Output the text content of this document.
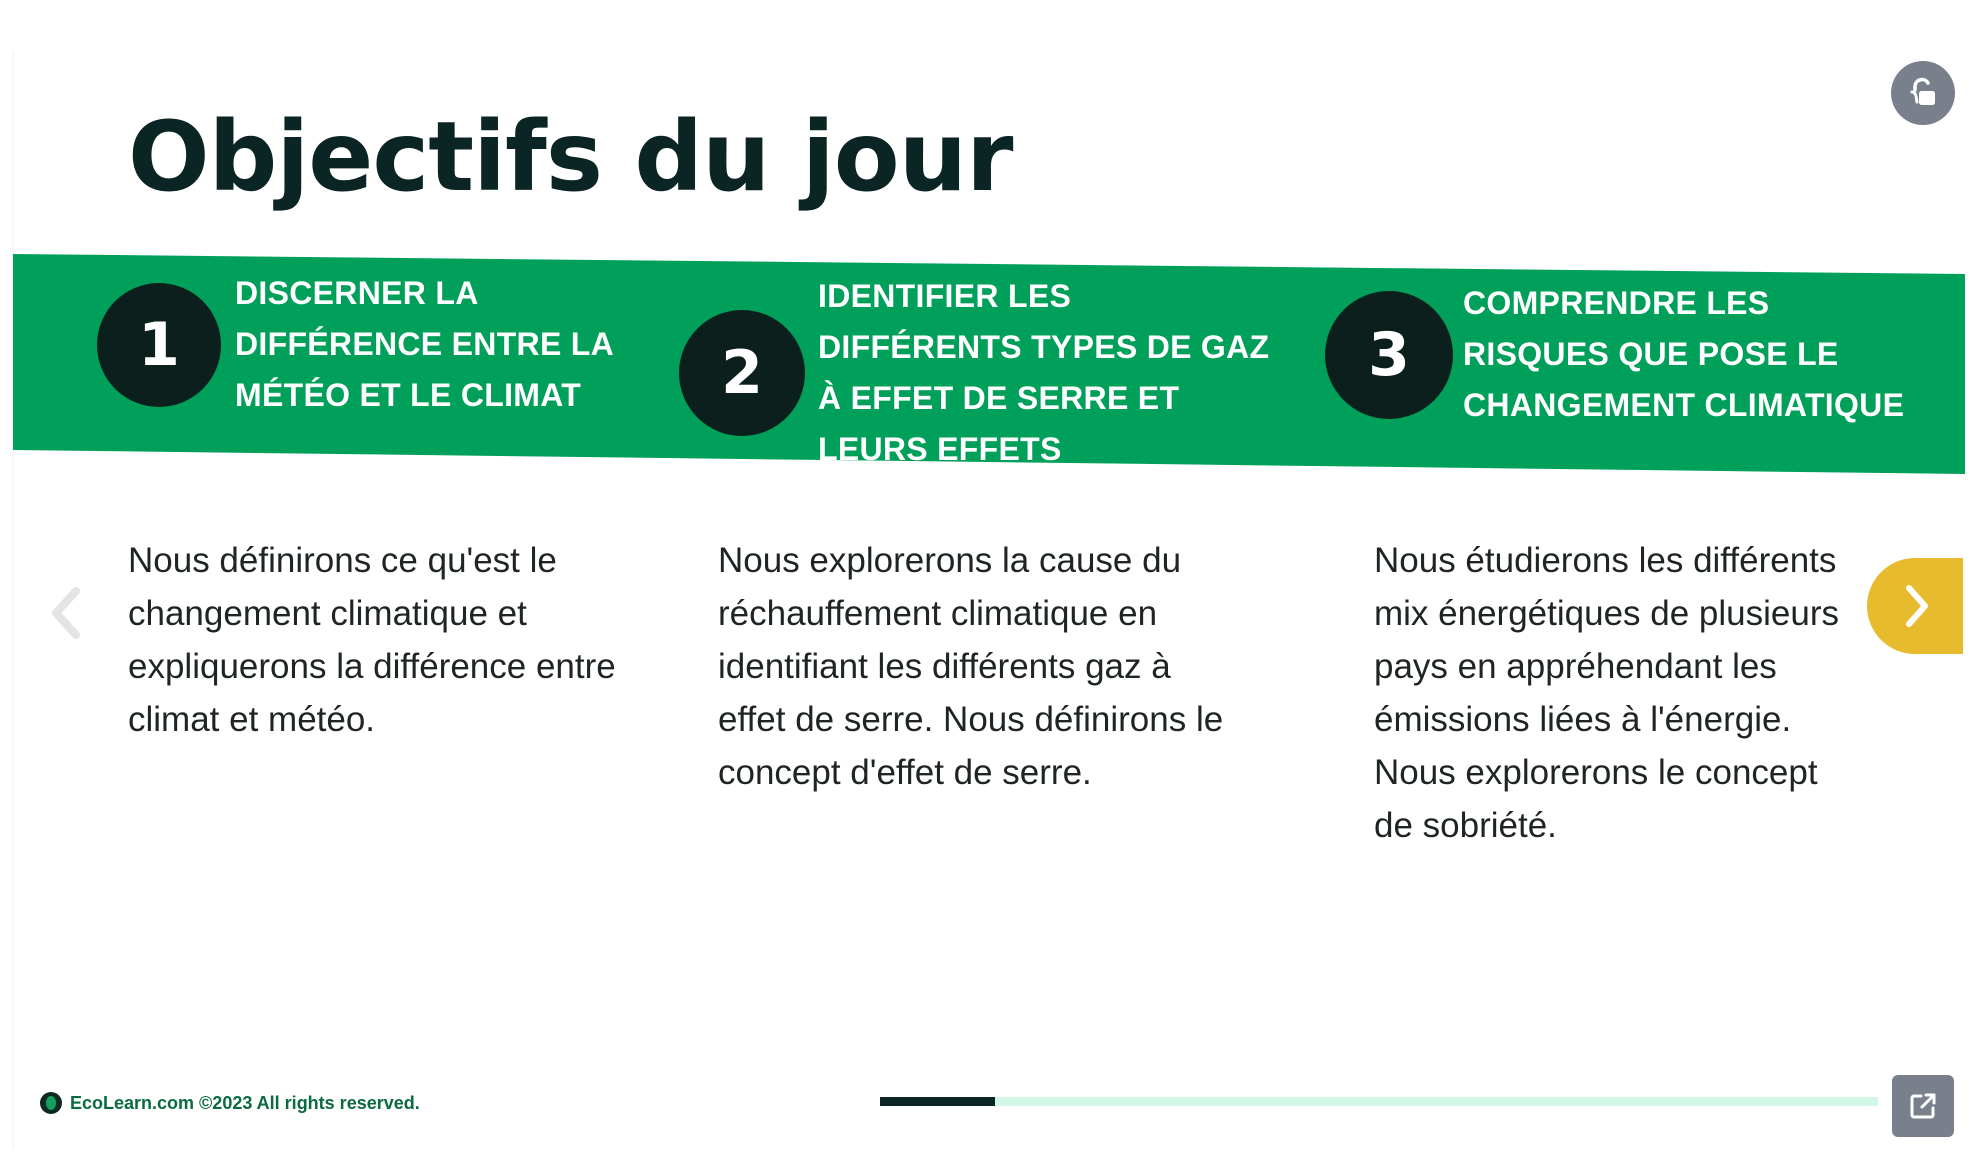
Objectifs du jour
1
DISCERNER LA DIFFÉRENCE ENTRE LA MÉTÉO ET LE CLIMAT	2
IDENTIFIER LES DIFFÉRENTS TYPES DE GAZ À EFFET DE SERRE ET LEURS EFFETS
3
COMPRENDRE LES RISQUES QUE POSE LE CHANGEMENT CLIMATIQUE

Nous définirons ce qu'est le changement climatique et expliquerons la différence entre climat et météo.

Nous explorerons la cause du réchauffement climatique en identifiant les différents gaz à effet de serre. Nous définirons le concept d'effet de serre.

Nous étudierons les différents mix énergétiques de plusieurs pays en appréhendant les émissions liées à l'énergie. Nous explorerons le concept de sobriété.

EcoLearn.com ©2023 All rights reserved.
